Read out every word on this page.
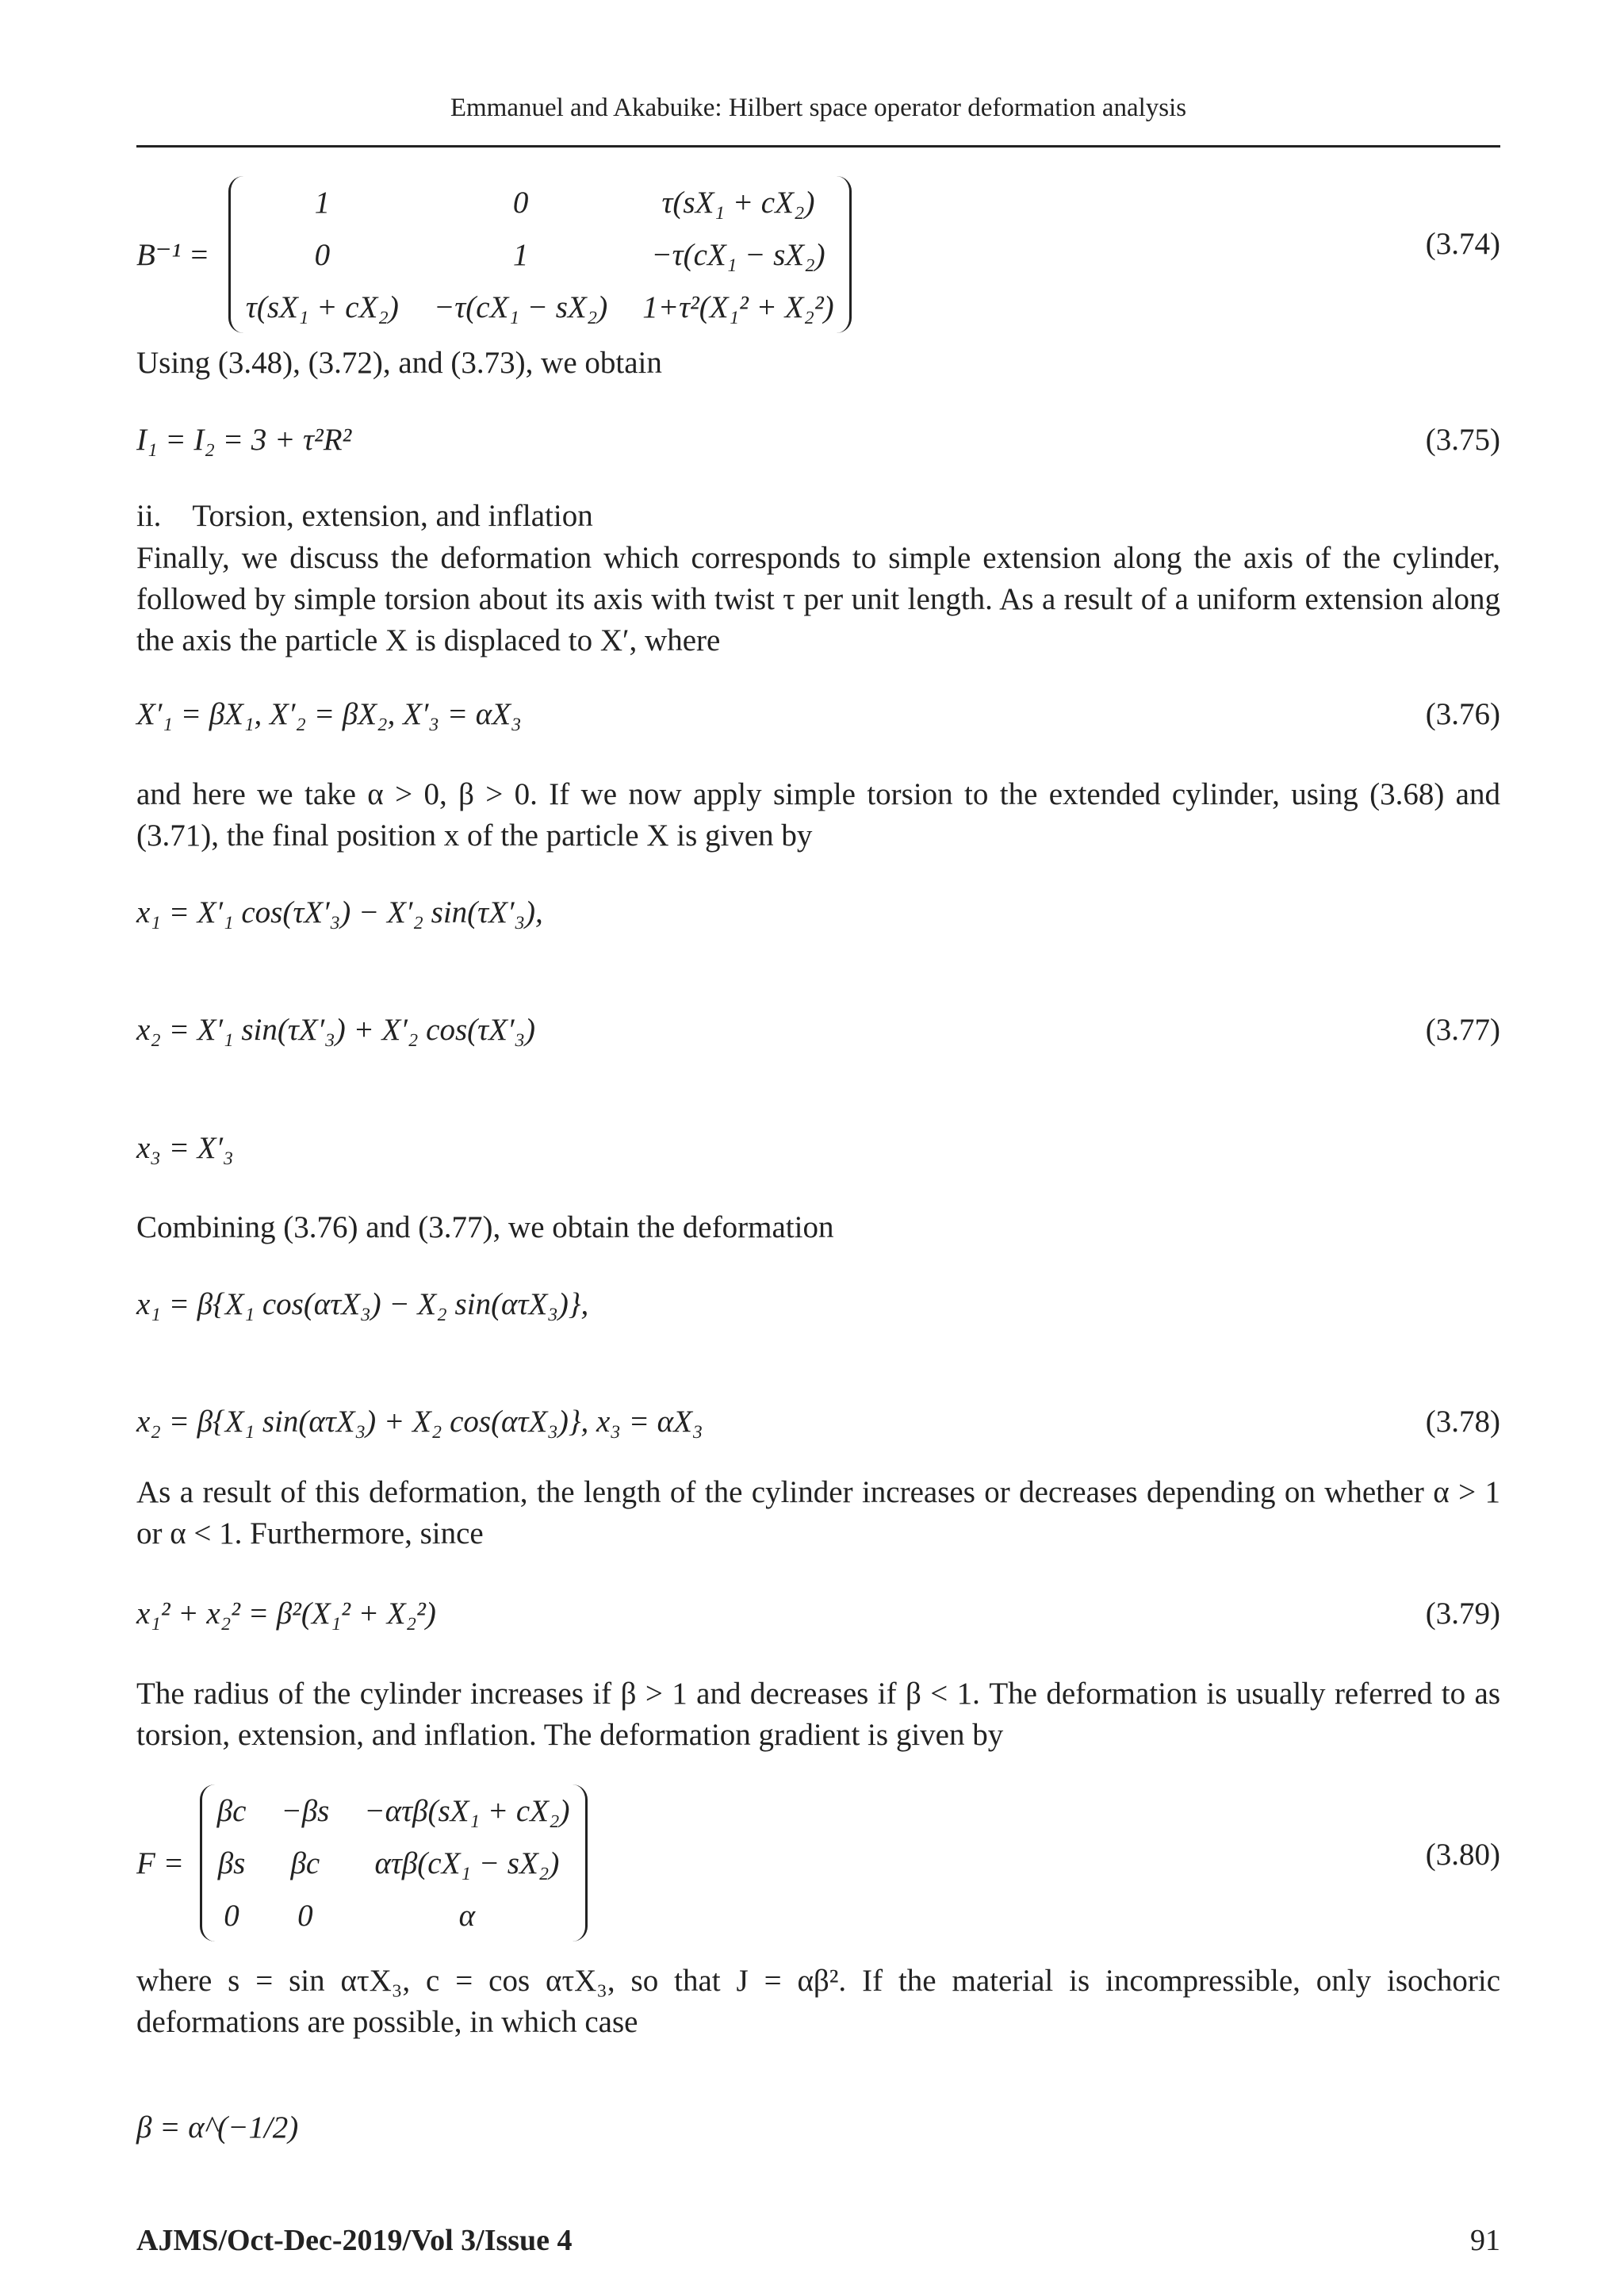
Emmanuel and Akabuike: Hilbert space operator deformation analysis
B⁻¹ =
1	0	τ(sX₁ + cX₂)
0	1	−τ(cX₁ − sX₂)
τ(sX₁ + cX₂)	−τ(cX₁ − sX₂)	1+τ²(X₁² + X₂²)
(3.74)
Using (3.48), (3.72), and (3.73), we obtain
I₁ = I₂ = 3 + τ²R²	(3.75)
ii. Torsion, extension, and inflation
Finally, we discuss the deformation which corresponds to simple extension along the axis of the cylinder, followed by simple torsion about its axis with twist τ per unit length. As a result of a uniform extension along the axis the particle X is displaced to X′, where
X′₁ = βX₁, X′₂ = βX₂, X′₃ = αX₃	(3.76)
and here we take α > 0, β > 0. If we now apply simple torsion to the extended cylinder, using (3.68) and (3.71), the final position x of the particle X is given by
x₁ = X′₁ cos(τX′₃) − X′₂ sin(τX′₃),
x₂ = X′₁ sin(τX′₃) + X′₂ cos(τX′₃)	(3.77)
x₃ = X′₃
Combining (3.76) and (3.77), we obtain the deformation
x₁ = β{X₁ cos(ατX₃) − X₂ sin(ατX₃)},
x₂ = β{X₁ sin(ατX₃) + X₂ cos(ατX₃)}, x₃ = αX₃	(3.78)
As a result of this deformation, the length of the cylinder increases or decreases depending on whether α > 1 or α < 1. Furthermore, since
x₁² + x₂² = β²(X₁² + X₂²)	(3.79)
The radius of the cylinder increases if β > 1 and decreases if β < 1. The deformation is usually referred to as torsion, extension, and inflation. The deformation gradient is given by
F =
βc	−βs	−ατβ(sX₁ + cX₂)
βs	βc	ατβ(cX₁ − sX₂)
0	0	α
(3.80)
where s = sin ατX₃, c = cos ατX₃, so that J = αβ². If the material is incompressible, only isochoric deformations are possible, in which case
β = α^(−1/2)
AJMS/Oct-Dec-2019/Vol 3/Issue 4	91
